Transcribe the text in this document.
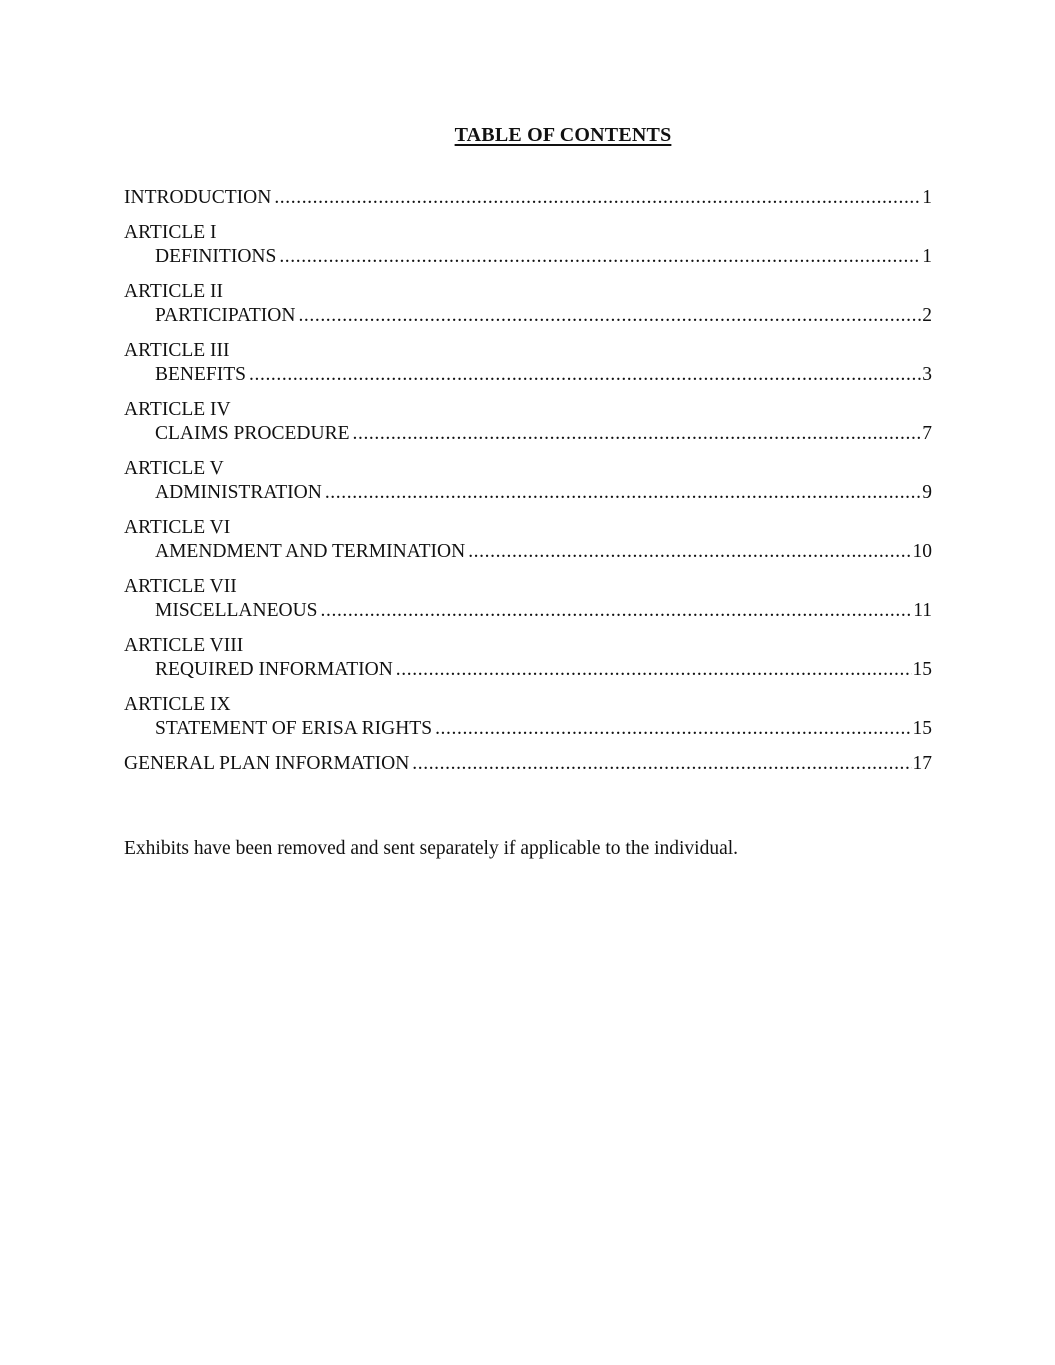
TABLE OF CONTENTS
INTRODUCTION .....	1
ARTICLE I
DEFINITIONS .....	1
ARTICLE II
PARTICIPATION .....	2
ARTICLE III
BENEFITS .....	3
ARTICLE IV
CLAIMS PROCEDURE .....	7
ARTICLE V
ADMINISTRATION .....	9
ARTICLE VI
AMENDMENT AND TERMINATION .....	10
ARTICLE VII
MISCELLANEOUS .....	11
ARTICLE VIII
REQUIRED INFORMATION .....	15
ARTICLE IX
STATEMENT OF ERISA RIGHTS .....	15
GENERAL PLAN INFORMATION .....	17
Exhibits have been removed and sent separately if applicable to the individual.
